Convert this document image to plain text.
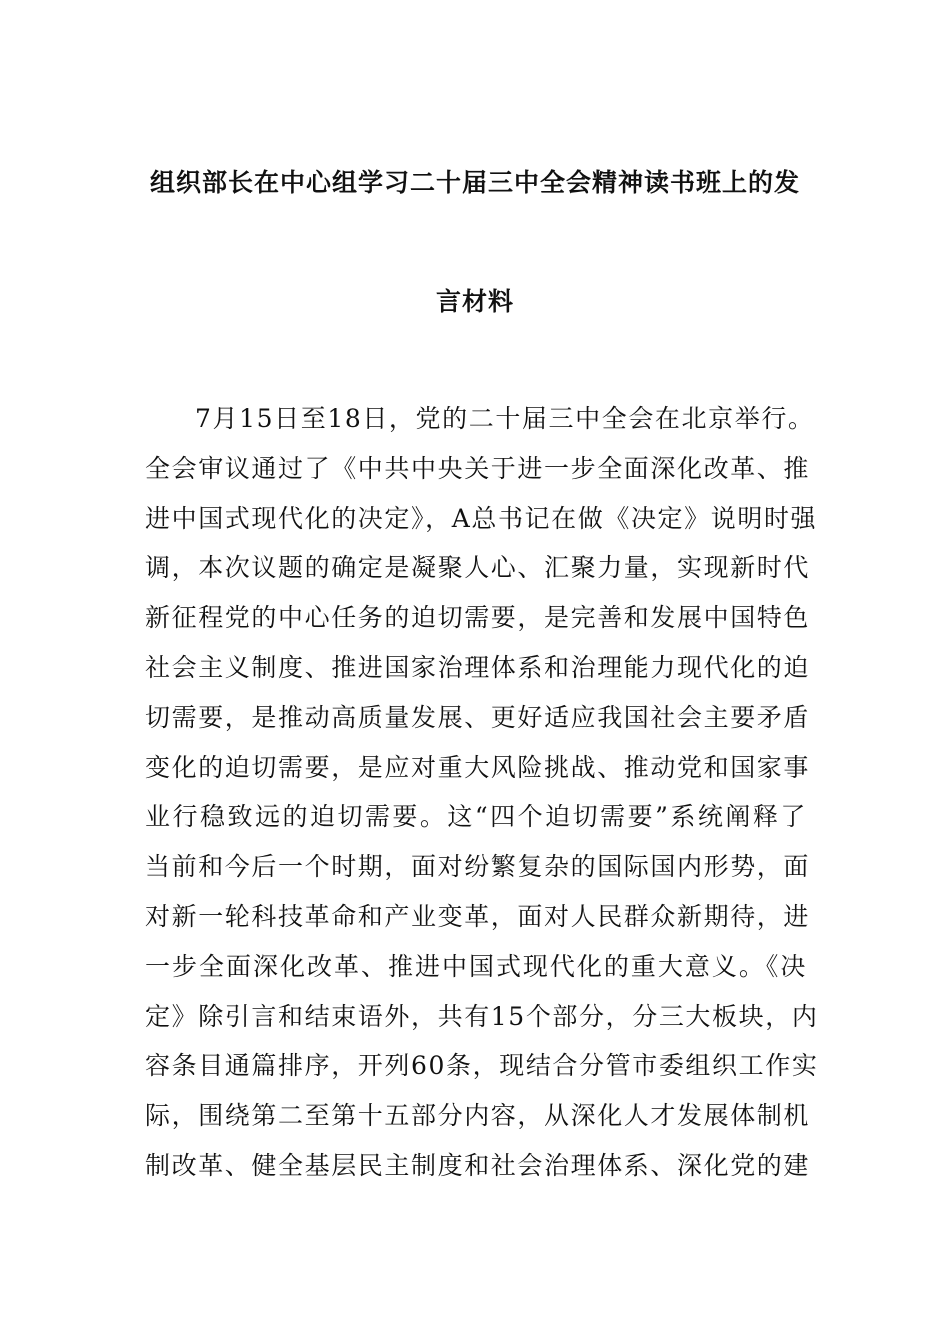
组织部长在中心组学习二十届三中全会精神读书班上的发
言材料
7月15日至18日，党的二十届三中全会在北京举行。
全会审议通过了《中共中央关于进一步全面深化改革、推
进中国式现代化的决定》，A总书记在做《决定》说明时强
调，本次议题的确定是凝聚人心、汇聚力量，实现新时代
新征程党的中心任务的迫切需要，是完善和发展中国特色
社会主义制度、推进国家治理体系和治理能力现代化的迫
切需要，是推动高质量发展、更好适应我国社会主要矛盾
变化的迫切需要，是应对重大风险挑战、推动党和国家事
业行稳致远的迫切需要。这“四个迫切需要”系统阐释了
当前和今后一个时期，面对纷繁复杂的国际国内形势，面
对新一轮科技革命和产业变革，面对人民群众新期待，进
一步全面深化改革、推进中国式现代化的重大意义。《决
定》除引言和结束语外，共有15个部分，分三大板块，内
容条目通篇排序，开列60条，现结合分管市委组织工作实
际，围绕第二至第十五部分内容，从深化人才发展体制机
制改革、健全基层民主制度和社会治理体系、深化党的建
